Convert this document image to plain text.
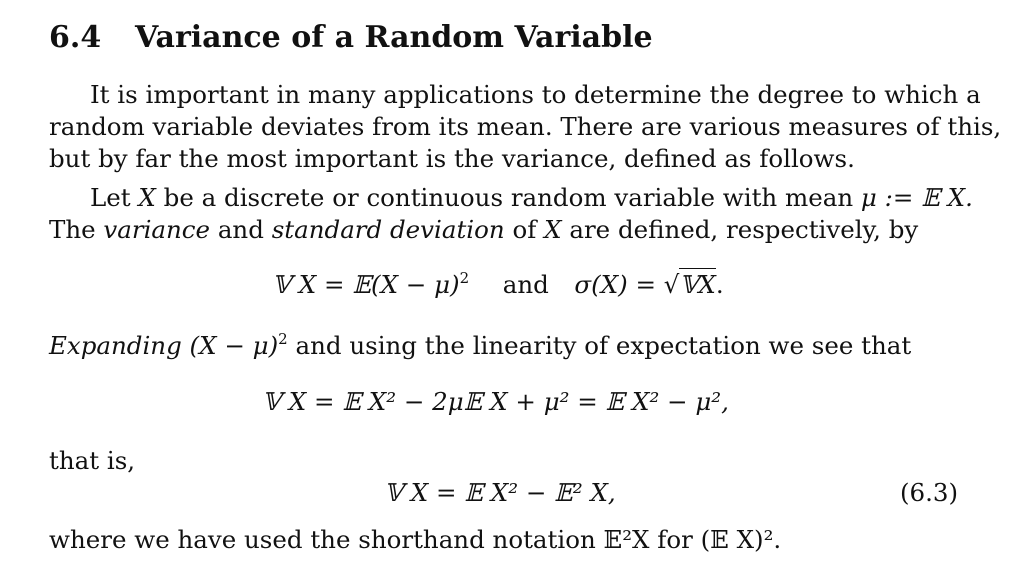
6.4 Variance of a Random Variable
It is important in many applications to determine the degree to which a
random variable deviates from its mean. There are various measures of this,
but by far the most important is the variance, defined as follows.
Let X be a discrete or continuous random variable with mean μ := 𝔼 X.
The variance and standard deviation of X are defined, respectively, by
𝕍 X = 𝔼(X − μ)$^2$ and σ(X) = √𝕍X.
Expanding $(X - \mu)^2$ and using the linearity of expectation we see that
𝕍 X = 𝔼 X² − 2μ𝔼 X + μ² = 𝔼 X² − μ²,
that is,
𝕍 X = 𝔼 X² − 𝔼² X,	(6.3)
where we have used the shorthand notation 𝔼²X for (𝔼 X)².
